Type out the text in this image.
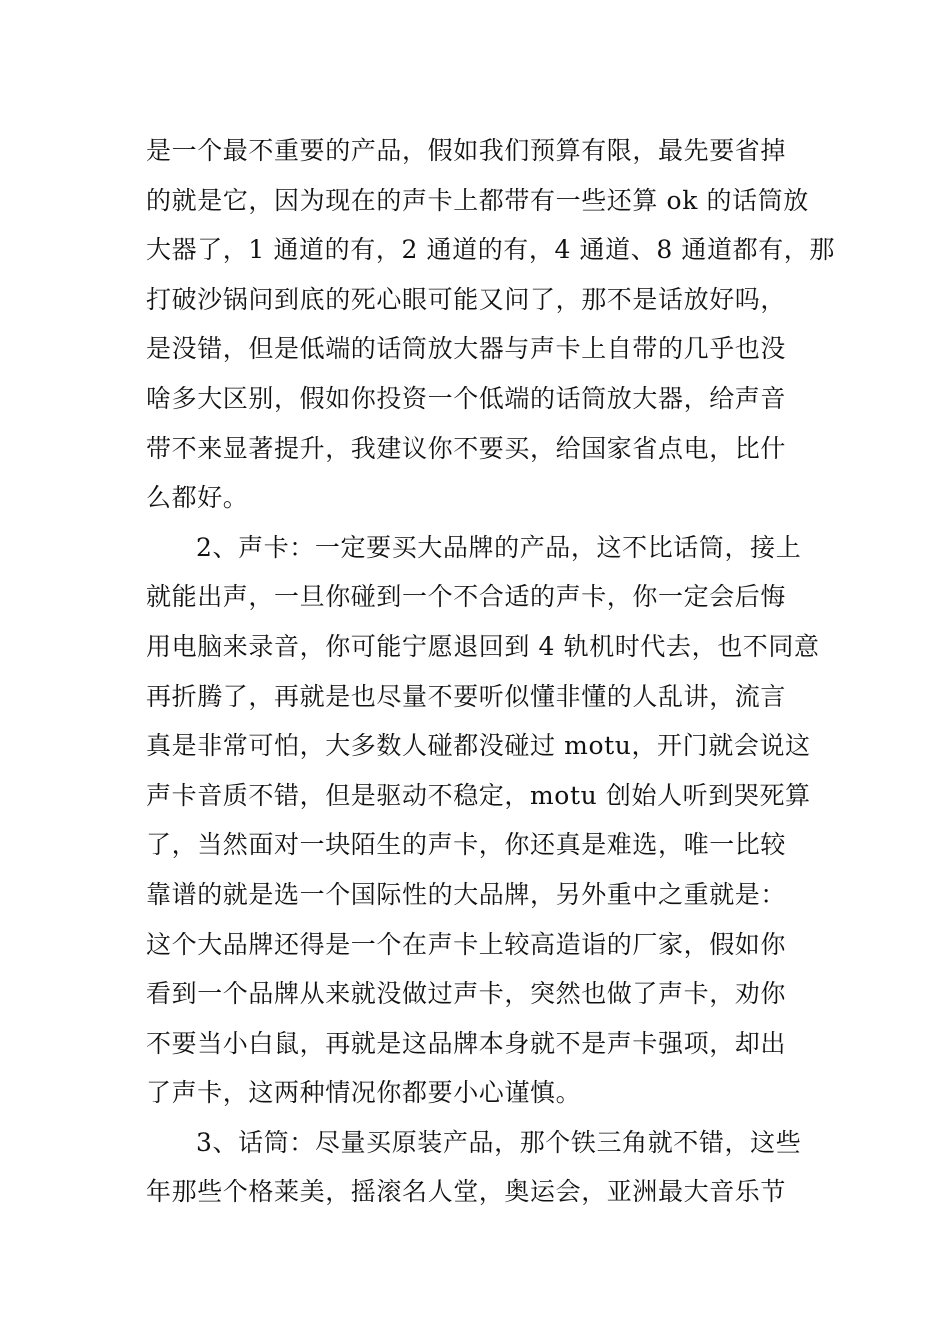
是一个最不重要的产品，假如我们预算有限，最先要省掉
的就是它，因为现在的声卡上都带有一些还算 ok 的话筒放
大器了，1 通道的有，2 通道的有，4 通道、8 通道都有，那
打破沙锅问到底的死心眼可能又问了，那不是话放好吗，
是没错，但是低端的话筒放大器与声卡上自带的几乎也没
啥多大区别，假如你投资一个低端的话筒放大器，给声音
带不来显著提升，我建议你不要买，给国家省点电，比什
么都好。
2、声卡：一定要买大品牌的产品，这不比话筒，接上
就能出声，一旦你碰到一个不合适的声卡，你一定会后悔
用电脑来录音，你可能宁愿退回到 4 轨机时代去，也不同意
再折腾了，再就是也尽量不要听似懂非懂的人乱讲，流言
真是非常可怕，大多数人碰都没碰过 motu，开门就会说这
声卡音质不错，但是驱动不稳定，motu 创始人听到哭死算
了，当然面对一块陌生的声卡，你还真是难选，唯一比较
靠谱的就是选一个国际性的大品牌，另外重中之重就是：
这个大品牌还得是一个在声卡上较高造诣的厂家，假如你
看到一个品牌从来就没做过声卡，突然也做了声卡，劝你
不要当小白鼠，再就是这品牌本身就不是声卡强项，却出
了声卡，这两种情况你都要小心谨慎。
3、话筒：尽量买原装产品，那个铁三角就不错，这些
年那些个格莱美，摇滚名人堂，奥运会，亚洲最大音乐节
